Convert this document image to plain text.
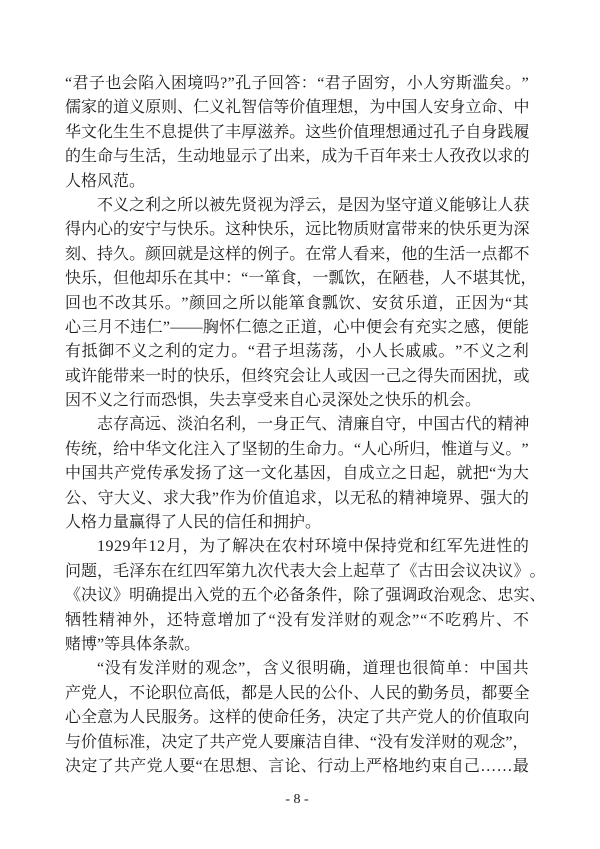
“ 君 子 也 会 陷 入 困 境 吗 ? ” 孔 子 回 答 ： “ 君 子 固 穷 ， 小 人 穷 斯 滥 矣 。 ”
儒 家 的 道 义 原 则 、 仁 义 礼 智 信 等 价 值 理 想 ， 为 中 国 人 安 身 立 命 、 中
华 文 化 生 生 不 息 提 供 了 丰 厚 滋 养 。 这 些 价 值 理 想 通 过 孔 子 自 身 践 履
的 生 命 与 生 活 ， 生 动 地 显 示 了 出 来 ， 成 为 千 百 年 来 士 人 孜 孜 以 求 的
人格风范。
不 义 之 利 之 所 以 被 先 贤 视 为 浮 云 ， 是 因 为 坚 守 道 义 能 够 让 人 获
得 内 心 的 安 宁 与 快 乐 。 这 种 快 乐 ， 远 比 物 质 财 富 带 来 的 快 乐 更 为 深
刻 、 持 久 。 颜 回 就 是 这 样 的 例 子 。 在 常 人 看 来 ， 他 的 生 活 一 点 都 不
快 乐 ， 但 他 却 乐 在 其 中 ： “ 一 箪 食 ， 一 瓢 饮 ， 在 陋 巷 ， 人 不 堪 其 忧 ，
回 也 不 改 其 乐 。 ” 颜 回 之 所 以 能 箪 食 瓢 饮 、 安 贫 乐 道 ， 正 因 为 “ 其
心 三 月 不 违 仁 ” — — 胸 怀 仁 德 之 正 道 ， 心 中 便 会 有 充 实 之 感 ， 便 能
有 抵 御 不 义 之 利 的 定 力 。 “ 君 子 坦 荡 荡 ， 小 人 长 戚 戚 。 ” 不 义 之 利
或 许 能 带 来 一 时 的 快 乐 ， 但 终 究 会 让 人 或 因 一 己 之 得 失 而 困 扰 ， 或
因不义之行而恐惧，失去享受来自心灵深处之快乐的机会。
志 存 高 远 、 淡 泊 名 利 ， 一 身 正 气 、 清 廉 自 守 ， 中 国 古 代 的 精 神
传 统 ， 给 中 华 文 化 注 入 了 坚 韧 的 生 命 力 。 “ 人 心 所 归 ， 惟 道 与 义 。 ”
中 国 共 产 党 传 承 发 扬 了 这 一 文 化 基 因 ， 自 成 立 之 日 起 ， 就 把 “ 为 大
公 、 守 大 义 、 求 大 我 ” 作 为 价 值 追 求 ， 以 无 私 的 精 神 境 界 、 强 大 的
人格力量赢得了人民的信任和拥护。
1 9 2 9 年 1 2 月 ， 为 了 解 决 在 农 村 环 境 中 保 持 党 和 红 军 先 进 性 的
问 题 ， 毛 泽 东 在 红 四 军 第 九 次 代 表 大 会 上 起 草 了 《 古 田 会 议 决 议 》 。
《 决 议 》 明 确 提 出 入 党 的 五 个 必 备 条 件 ， 除 了 强 调 政 治 观 念 、 忠 实 、
牺 牲 精 神 外 ， 还 特 意 增 加 了 “ 没 有 发 洋 财 的 观 念 ” “ 不 吃 鸦 片 、 不
赌博”等具体条款。
“ 没 有 发 洋 财 的 观 念 ” ， 含 义 很 明 确 ， 道 理 也 很 简 单 ： 中 国 共
产 党 人 ， 不 论 职 位 高 低 ， 都 是 人 民 的 公 仆 、 人 民 的 勤 务 员 ， 都 要 全
心 全 意 为 人 民 服 务 。 这 样 的 使 命 任 务 ， 决 定 了 共 产 党 人 的 价 值 取 向
与 价 值 标 准 ， 决 定 了 共 产 党 人 要 廉 洁 自 律 、 “ 没 有 发 洋 财 的 观 念 ” ，
决 定 了 共 产 党 人 要 “ 在 思 想 、 言 论 、 行 动 上 严 格 地 约 束 自 己 … … 最
- 8 -
